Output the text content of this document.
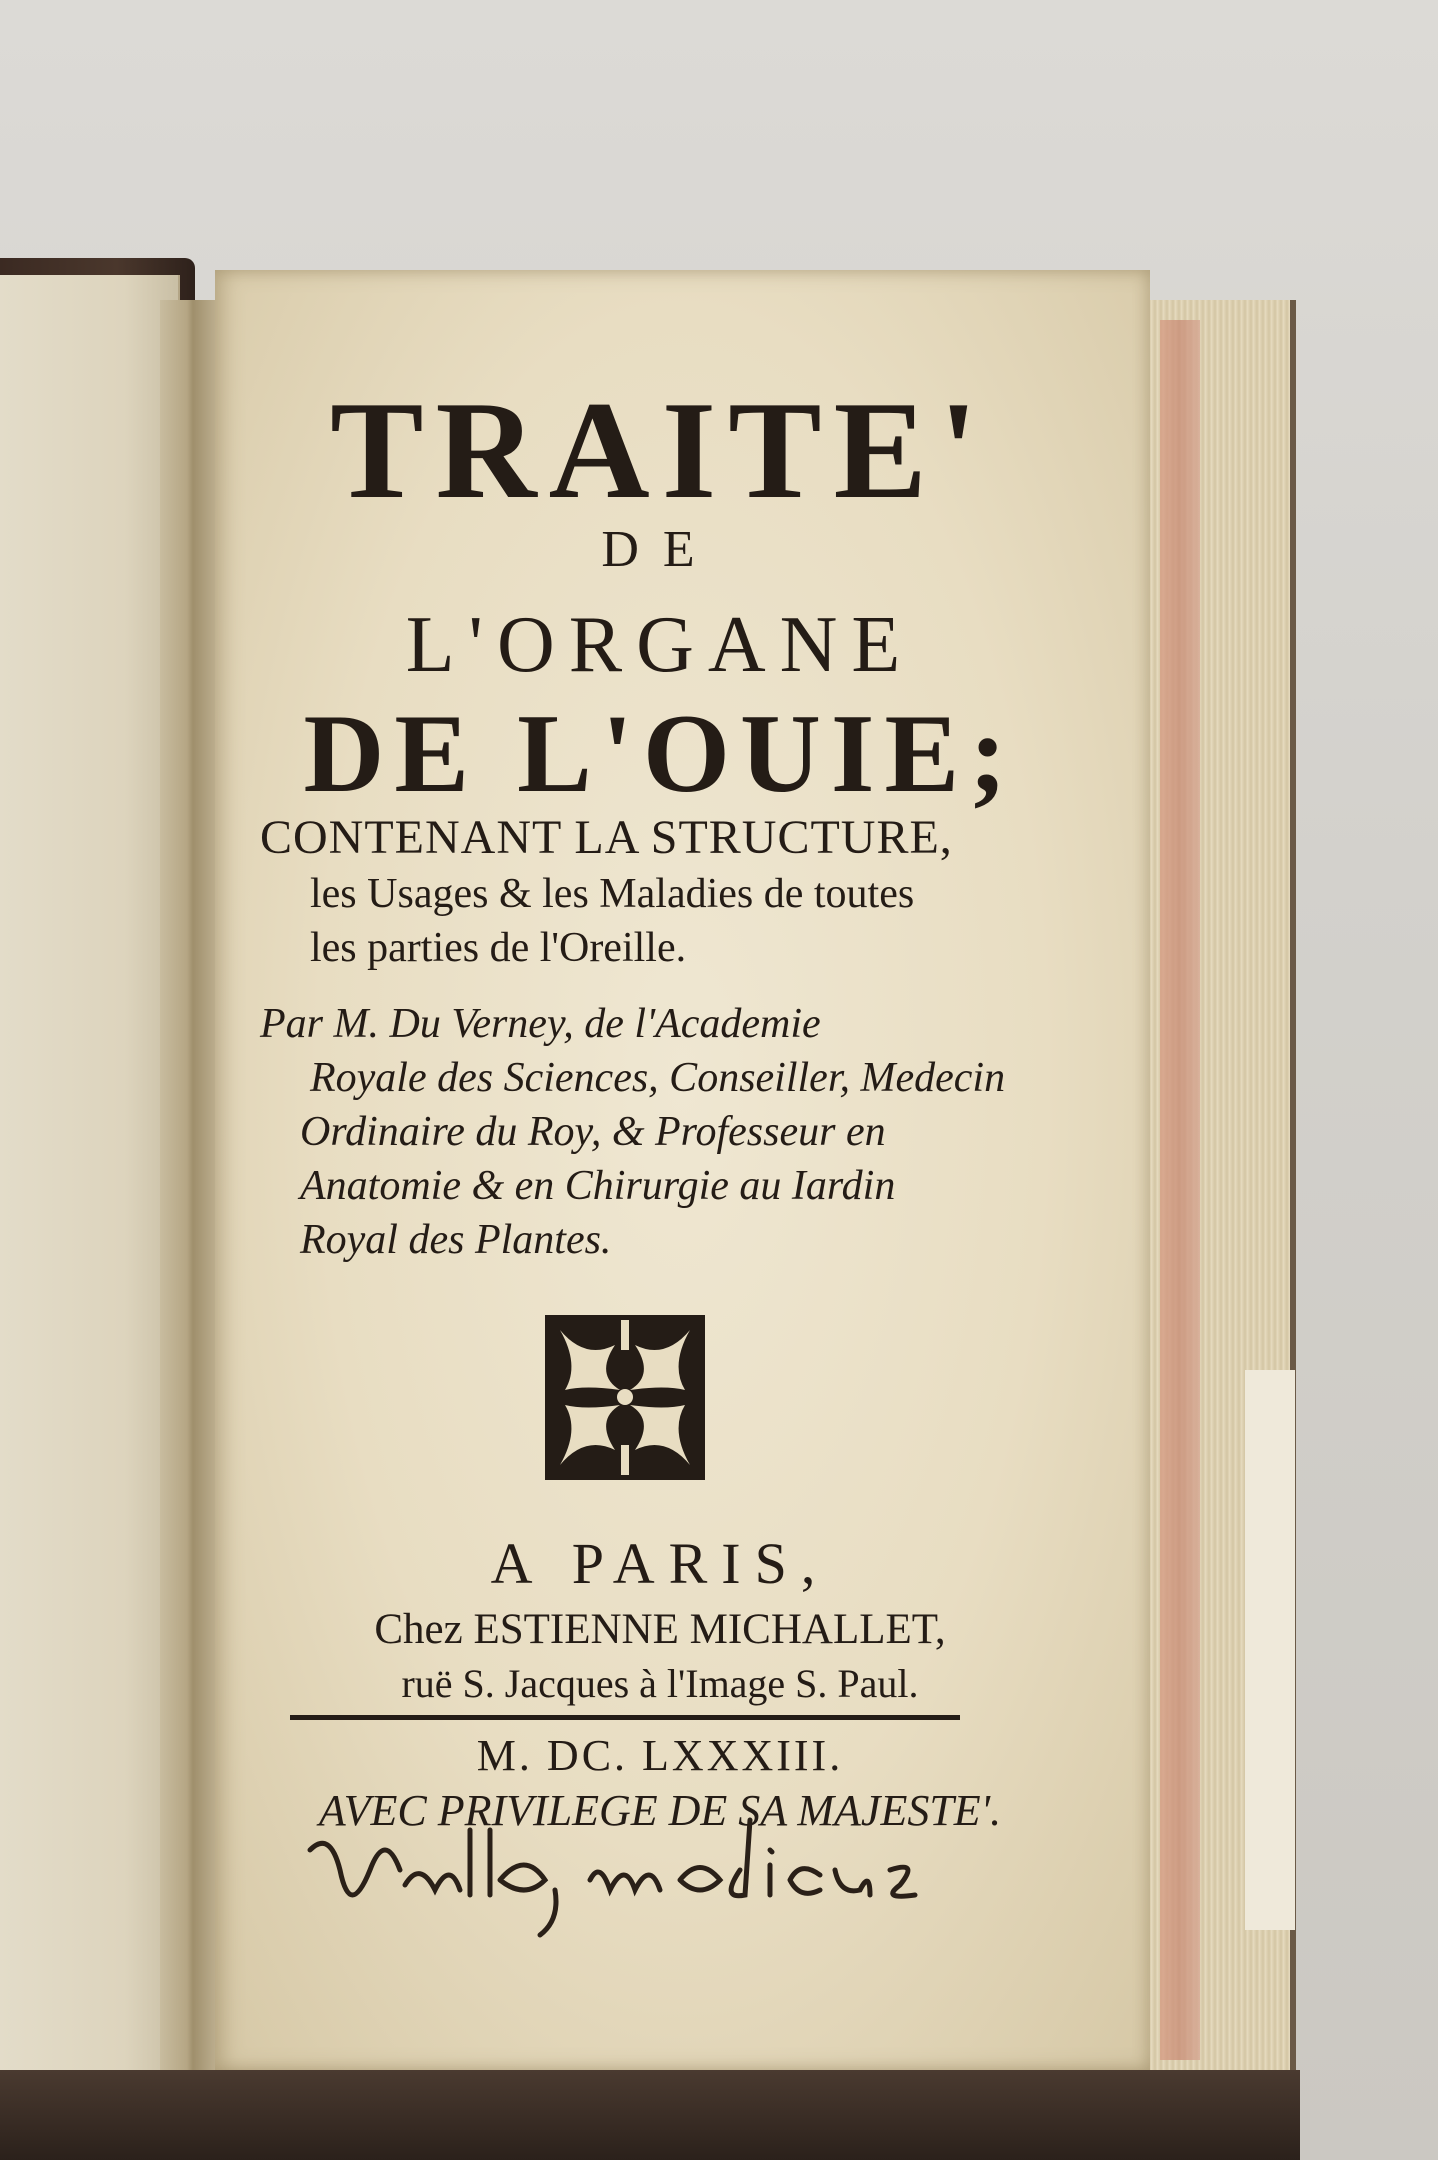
TRAITE'
DE
L'ORGANE
DE L'OUIE;
CONTENANT LA STRUCTURE,
les Usages & les Maladies de toutes
les parties de l'Oreille.
Par M. Du Verney, de l'Academie
Royale des Sciences, Conseiller, Medecin
Ordinaire du Roy, & Professeur en
Anatomie & en Chirurgie au Iardin
Royal des Plantes.
A PARIS,
Chez ESTIENNE MICHALLET,
ruë S. Jacques à l'Image S. Paul.
M. DC. LXXXIII.
AVEC PRIVILEGE DE SA MAJESTE'.
